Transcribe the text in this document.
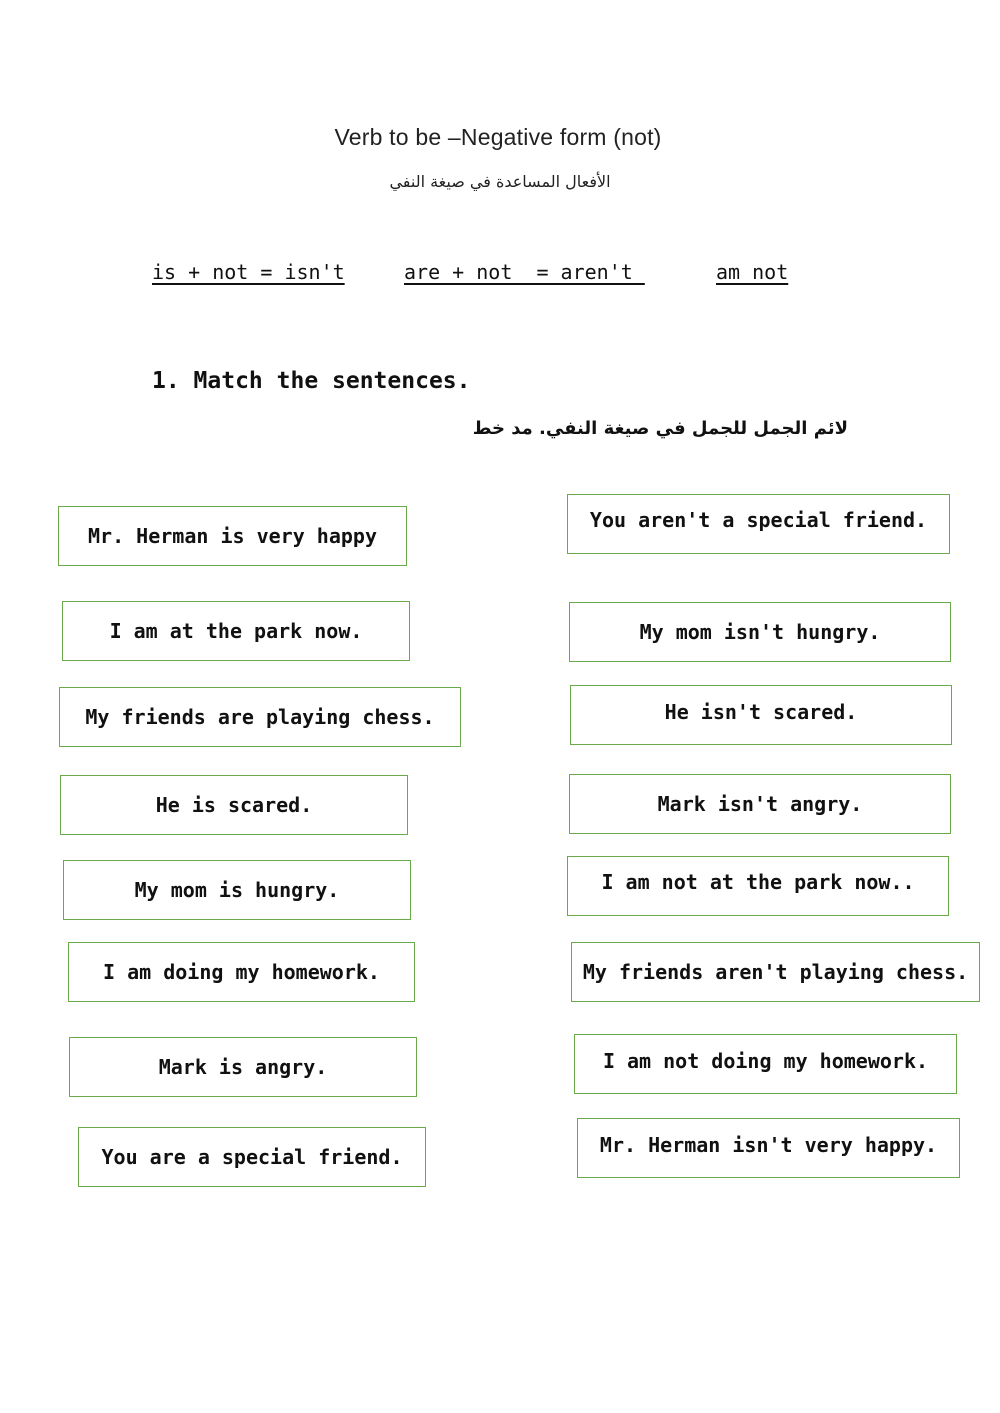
Verb to be –Negative form (not)
الأفعال المساعدة في صيغة النفي
is + not = isn't	are + not  = aren't	am not
1. Match the sentences.
لائم الجمل للجمل في صيغة النفي. مد خط
Mr. Herman is very happy
I am at the park now.
My friends are playing chess.
He is scared.
My mom is hungry.
I am doing my homework.
Mark is angry.
You are a special friend.
You aren't a special friend.
My mom isn't hungry.
He isn't scared.
Mark isn't angry.
I am not at the park now..
My friends aren't playing chess.
I am not doing my homework.
Mr. Herman isn't very happy.
